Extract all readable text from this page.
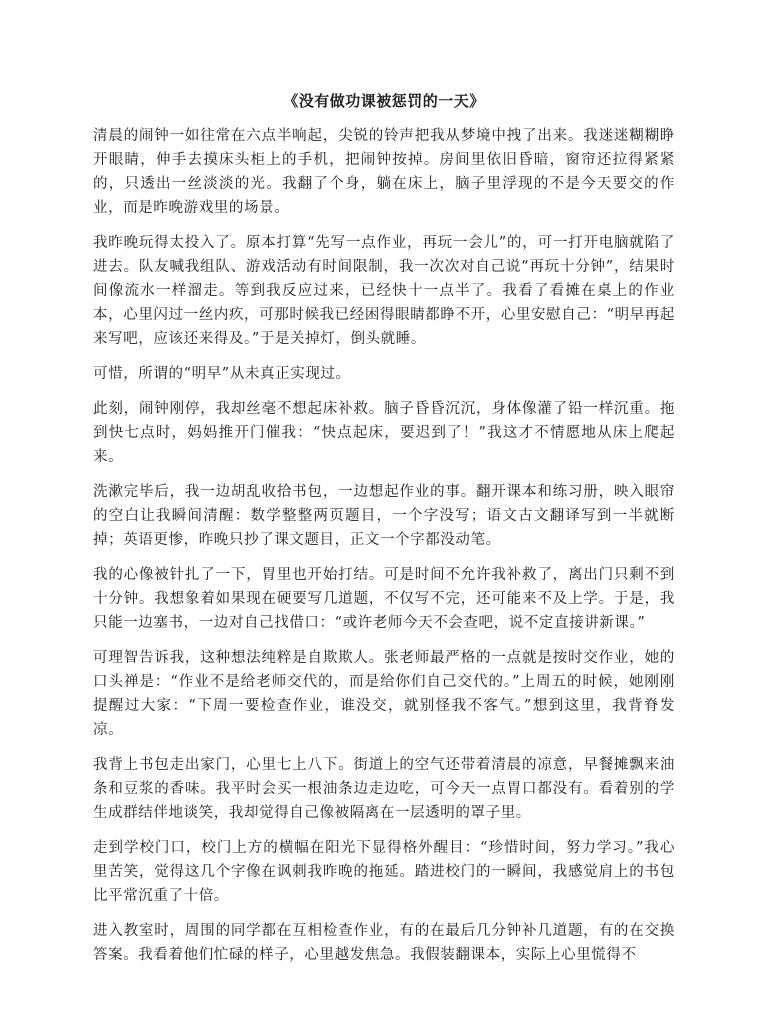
《没有做功课被惩罚的一天》

清晨的闹钟一如往常在六点半响起，尖锐的铃声把我从梦境中拽了出来。我迷迷糊糊睁开眼睛，伸手去摸床头柜上的手机，把闹钟按掉。房间里依旧昏暗，窗帘还拉得紧紧的，只透出一丝淡淡的光。我翻了个身，躺在床上，脑子里浮现的不是今天要交的作业，而是昨晚游戏里的场景。

我昨晚玩得太投入了。原本打算“先写一点作业，再玩一会儿”的，可一打开电脑就陷了进去。队友喊我组队、游戏活动有时间限制，我一次次对自己说“再玩十分钟”，结果时间像流水一样溜走。等到我反应过来，已经快十一点半了。我看了看摊在桌上的作业本，心里闪过一丝内疚，可那时候我已经困得眼睛都睁不开，心里安慰自己：“明早再起来写吧，应该还来得及。”于是关掉灯，倒头就睡。

可惜，所谓的“明早”从未真正实现过。

此刻，闹钟刚停，我却丝毫不想起床补救。脑子昏昏沉沉，身体像灌了铅一样沉重。拖到快七点时，妈妈推开门催我：“快点起床，要迟到了！”我这才不情愿地从床上爬起来。

洗漱完毕后，我一边胡乱收拾书包，一边想起作业的事。翻开课本和练习册，映入眼帘的空白让我瞬间清醒：数学整整两页题目，一个字没写；语文古文翻译写到一半就断掉；英语更惨，昨晚只抄了课文题目，正文一个字都没动笔。

我的心像被针扎了一下，胃里也开始打结。可是时间不允许我补救了，离出门只剩不到十分钟。我想象着如果现在硬要写几道题，不仅写不完，还可能来不及上学。于是，我只能一边塞书，一边对自己找借口：“或许老师今天不会查吧，说不定直接讲新课。”

可理智告诉我，这种想法纯粹是自欺欺人。张老师最严格的一点就是按时交作业，她的口头禅是：“作业不是给老师交代的，而是给你们自己交代的。”上周五的时候，她刚刚提醒过大家：“下周一要检查作业，谁没交，就别怪我不客气。”想到这里，我背脊发凉。

我背上书包走出家门，心里七上八下。街道上的空气还带着清晨的凉意，早餐摊飘来油条和豆浆的香味。我平时会买一根油条边走边吃，可今天一点胃口都没有。看着别的学生成群结伴地谈笑，我却觉得自己像被隔离在一层透明的罩子里。

走到学校门口，校门上方的横幅在阳光下显得格外醒目：“珍惜时间，努力学习。”我心里苦笑，觉得这几个字像在讽刺我昨晚的拖延。踏进校门的一瞬间，我感觉肩上的书包比平常沉重了十倍。

进入教室时，周围的同学都在互相检查作业，有的在最后几分钟补几道题，有的在交换答案。我看着他们忙碌的样子，心里越发焦急。我假装翻课本，实际上心里慌得不
